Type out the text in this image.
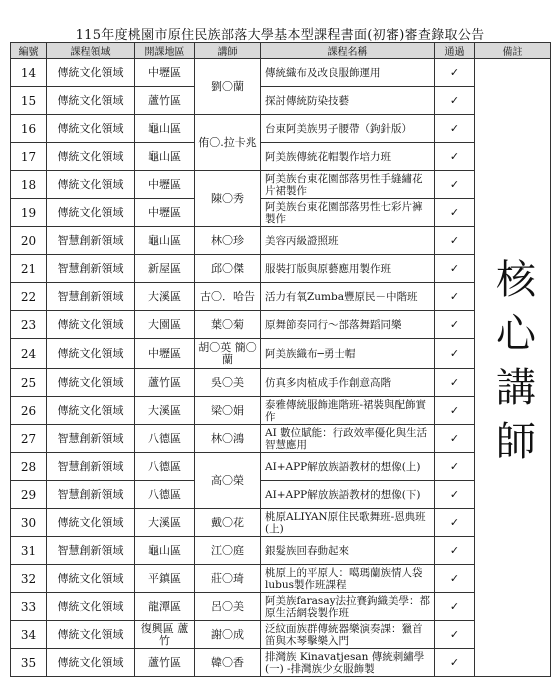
115年度桃園市原住民族部落大學基本型課程書面(初審)審查錄取公告
編號	課程領域	開課地區	講師	課程名稱	通過	備註
14	傳統文化領域	中壢區	劉〇蘭	傳統織布及改良服飾運用	✓	核心講師
15	傳統文化領域	蘆竹區		探討傳統防染技藝	✓	
16	傳統文化領域	龜山區	侑〇.拉卡兆	台東阿美族男子腰帶（鉤針版）	✓	
17	傳統文化領域	龜山區		阿美族傳統花帽製作培力班	✓	
18	傳統文化領域	中壢區	陳〇秀	阿美族台東花園部落男性手縫繡花片裙製作	✓	
19	傳統文化領域	中壢區		阿美族台東花園部落男性七彩片褲製作	✓	
20	智慧創新領域	龜山區	林〇珍	美容丙級證照班	✓	
21	智慧創新領域	新屋區	邱〇傑	服裝打版與原藝應用製作班	✓	
22	智慧創新領域	大溪區	古〇．哈告	活力有氧Zumba豐原民－中階班	✓	
23	傳統文化領域	大園區	葉〇菊	原舞節奏同行〜部落舞蹈同樂	✓	
24	傳統文化領域	中壢區	胡〇英 簡〇蘭	阿美族織布─勇士帽	✓	
25	傳統文化領域	蘆竹區	吳〇美	仿真多肉植成手作創意高階	✓	
26	傳統文化領域	大溪區	梁〇娟	泰雅傳統服飾進階班-裙裝與配飾實作	✓	
27	智慧創新領域	八德區	林〇鴻	AI 數位賦能：行政效率優化與生活智慧應用	✓	
28	智慧創新領域	八德區	高〇榮	AI+APP解放族語教材的想像(上)	✓	
29	智慧創新領域	八德區		AI+APP解放族語教材的想像(下)	✓	
30	傳統文化領域	大溪區	戴〇花	桃原ALIYAN原住民歌舞班-恩典班(上)	✓	
31	智慧創新領域	龜山區	江〇庭	銀髮族回春動起來	✓	
32	傳統文化領域	平鎮區	莊〇琦	桃原上的平原人：噶瑪蘭族情人袋lubus製作班課程	✓	
33	傳統文化領域	龍潭區	呂〇美	阿美族farasay法拉賽鉤織美學：都原生活網袋製作班	✓	
34	傳統文化領域	復興區 蘆竹	謝〇成	泛紋面族群傳統器樂演奏課：獵首笛與木琴擊樂入門	✓	
35	傳統文化領域	蘆竹區	韓〇香	排灣族 Kinavatjesan 傳統刺繡學(一) -排灣族少女服飾製	✓	
